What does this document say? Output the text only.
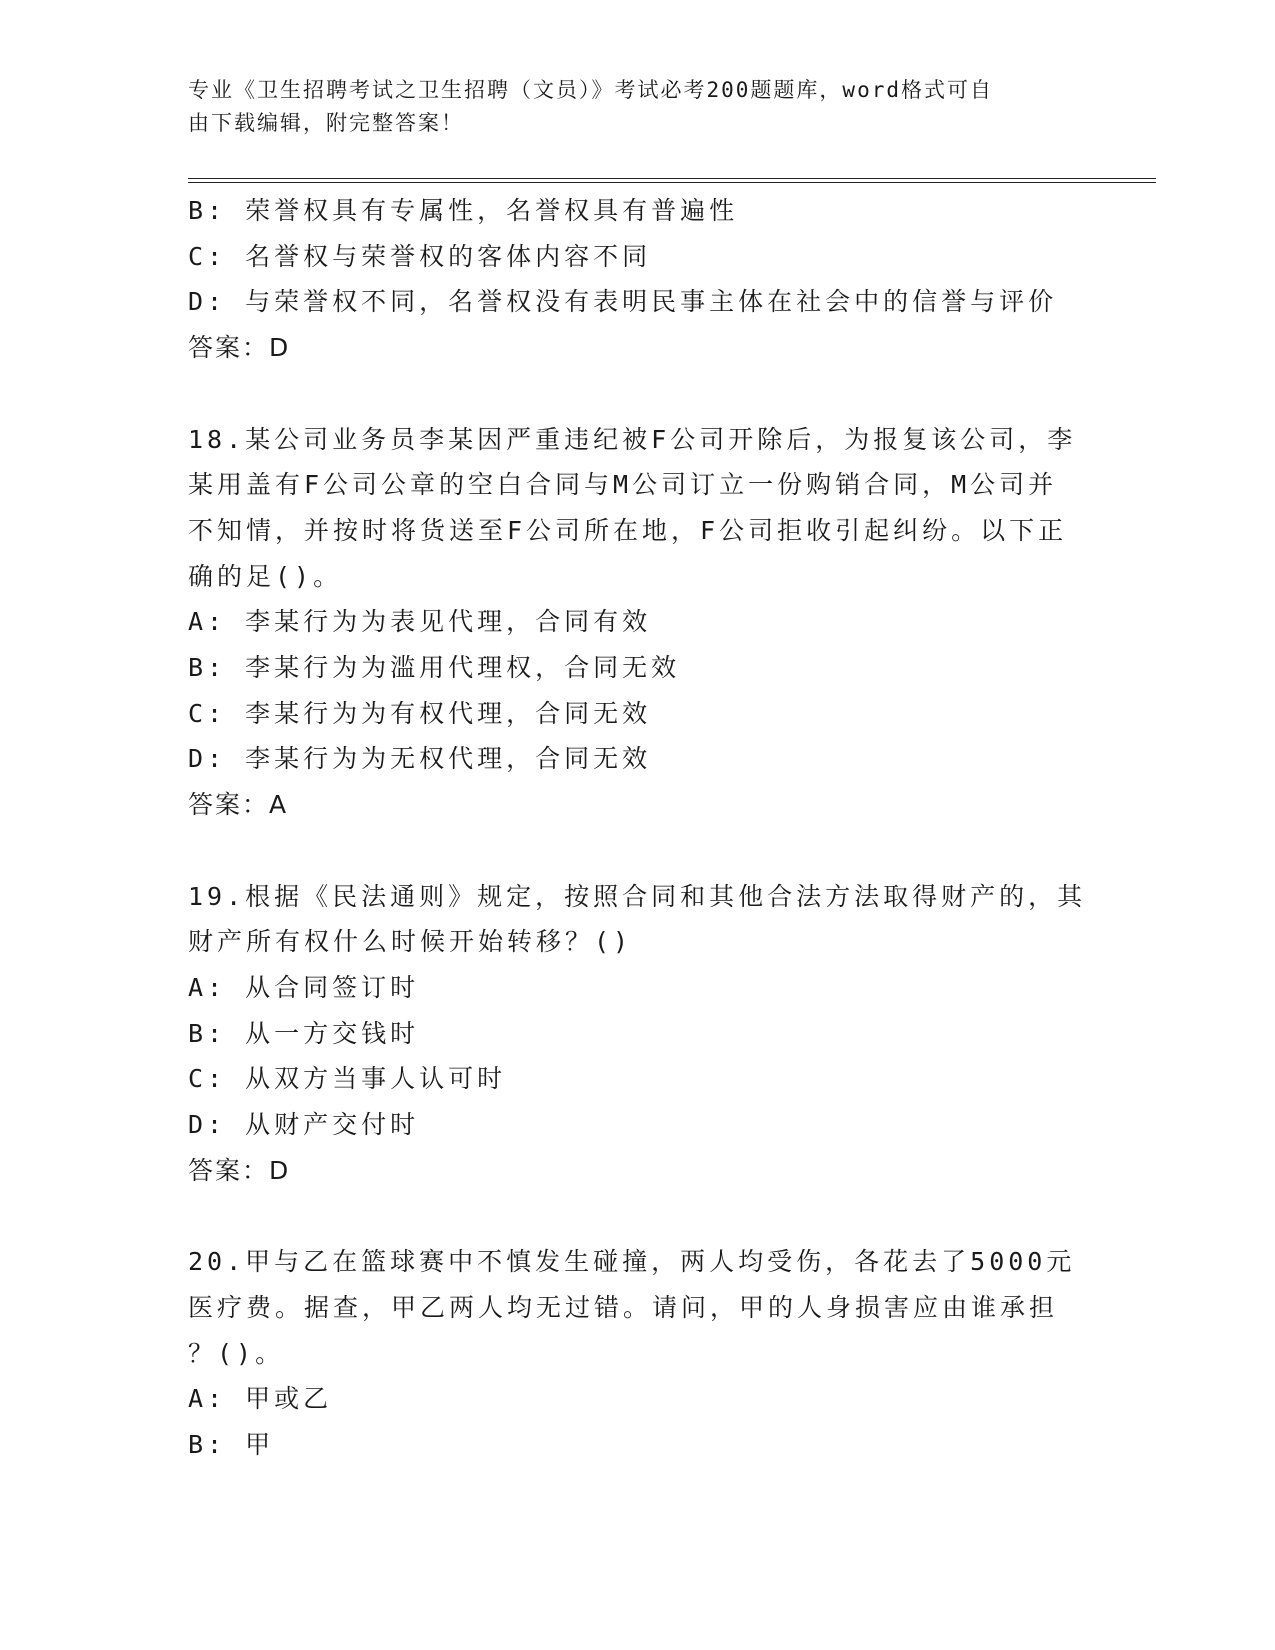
专业《卫生招聘考试之卫生招聘（文员）》考试必考200题题库，word格式可自
由下载编辑，附完整答案！
B: 荣誉权具有专属性，名誉权具有普遍性
C: 名誉权与荣誉权的客体内容不同
D: 与荣誉权不同，名誉权没有表明民事主体在社会中的信誉与评价
答案：D
18.某公司业务员李某因严重违纪被F公司开除后，为报复该公司，李
某用盖有F公司公章的空白合同与M公司订立一份购销合同，M公司并
不知情，并按时将货送至F公司所在地，F公司拒收引起纠纷。以下正
确的足()。
A: 李某行为为表见代理，合同有效
B: 李某行为为滥用代理权，合同无效
C: 李某行为为有权代理，合同无效
D: 李某行为为无权代理，合同无效
答案：A
19.根据《民法通则》规定，按照合同和其他合法方法取得财产的，其
财产所有权什么时候开始转移？()
A: 从合同签订时
B: 从一方交钱时
C: 从双方当事人认可时
D: 从财产交付时
答案：D
20.甲与乙在篮球赛中不慎发生碰撞，两人均受伤，各花去了5000元
医疗费。据查，甲乙两人均无过错。请问，甲的人身损害应由谁承担
？()。
A: 甲或乙
B: 甲
